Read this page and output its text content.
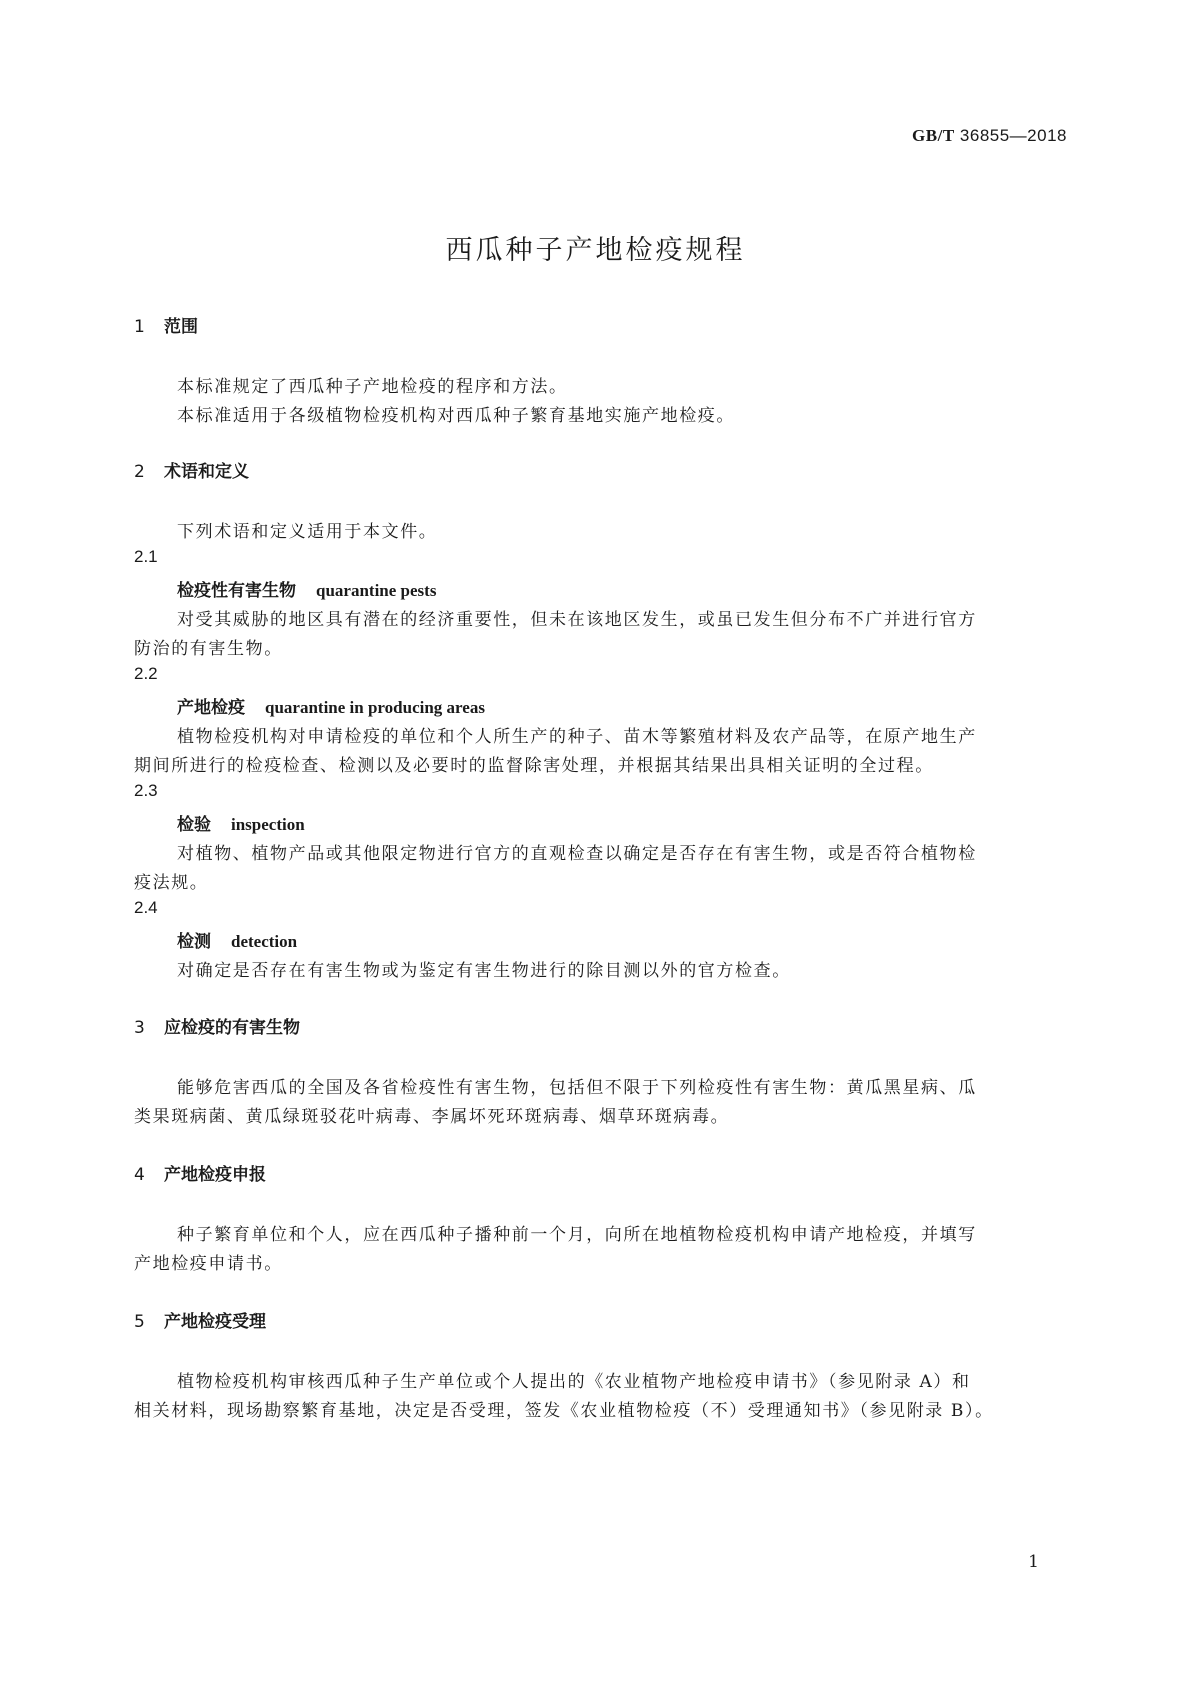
GB/T 36855—2018
西瓜种子产地检疫规程
1 范围
本标准规定了西瓜种子产地检疫的程序和方法。
本标准适用于各级植物检疫机构对西瓜种子繁育基地实施产地检疫。
2 术语和定义
下列术语和定义适用于本文件。
2.1
检疫性有害生物 quarantine pests
对受其威胁的地区具有潜在的经济重要性，但未在该地区发生，或虽已发生但分布不广并进行官方
防治的有害生物。
2.2
产地检疫 quarantine in producing areas
植物检疫机构对申请检疫的单位和个人所生产的种子、苗木等繁殖材料及农产品等，在原产地生产
期间所进行的检疫检查、检测以及必要时的监督除害处理，并根据其结果出具相关证明的全过程。
2.3
检验 inspection
对植物、植物产品或其他限定物进行官方的直观检查以确定是否存在有害生物，或是否符合植物检
疫法规。
2.4
检测 detection
对确定是否存在有害生物或为鉴定有害生物进行的除目测以外的官方检查。
3 应检疫的有害生物
能够危害西瓜的全国及各省检疫性有害生物，包括但不限于下列检疫性有害生物：黄瓜黑星病、瓜
类果斑病菌、黄瓜绿斑驳花叶病毒、李属坏死环斑病毒、烟草环斑病毒。
4 产地检疫申报
种子繁育单位和个人，应在西瓜种子播种前一个月，向所在地植物检疫机构申请产地检疫，并填写
产地检疫申请书。
5 产地检疫受理
植物检疫机构审核西瓜种子生产单位或个人提出的《农业植物产地检疫申请书》（参见附录 A）和
相关材料，现场勘察繁育基地，决定是否受理，签发《农业植物检疫（不）受理通知书》（参见附录 B）。
1
